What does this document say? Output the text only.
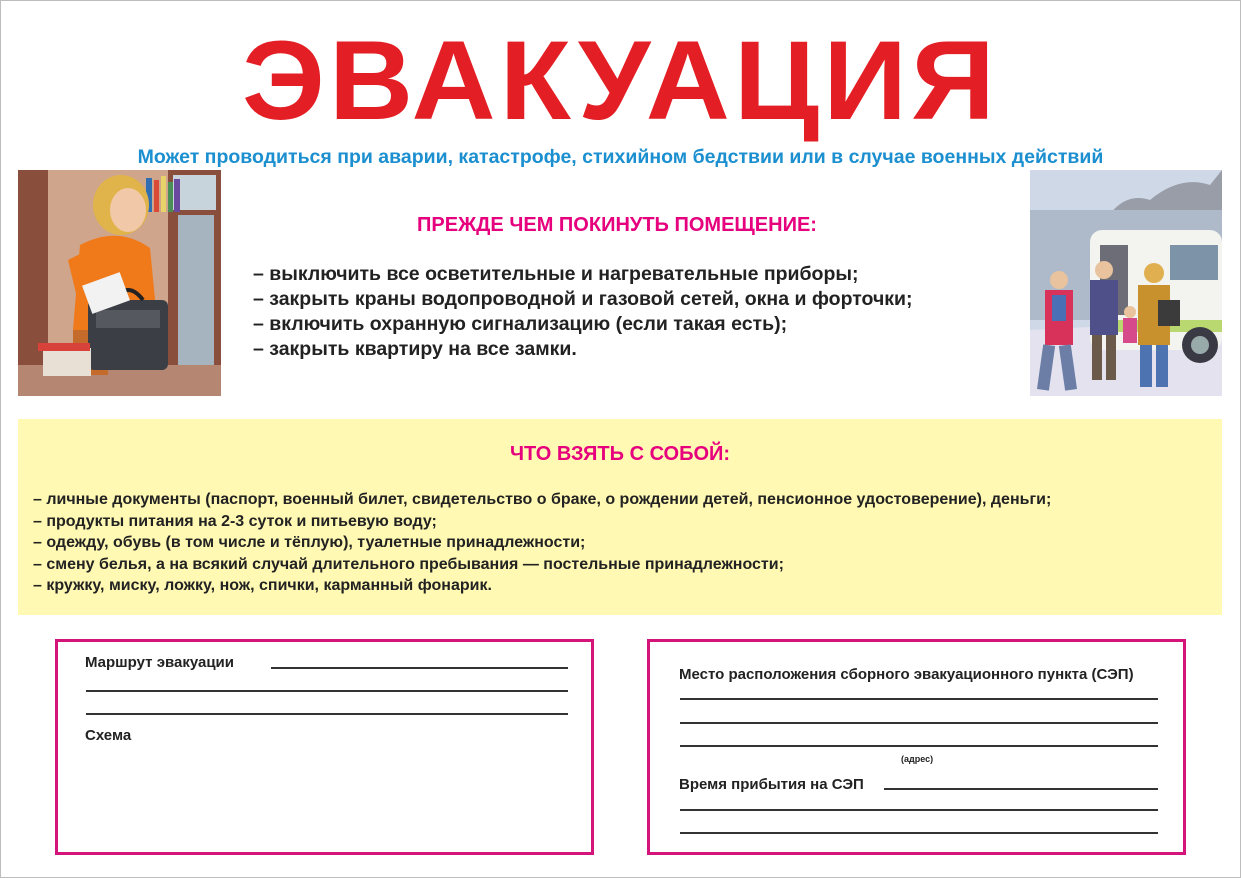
ЭВАКУАЦИЯ
Может проводиться при аварии, катастрофе, стихийном бедствии или в случае военных действий
ПРЕЖДЕ ЧЕМ ПОКИНУТЬ ПОМЕЩЕНИЕ:
– выключить все осветительные и нагревательные приборы;
– закрыть краны водопроводной и газовой сетей, окна и форточки;
– включить охранную сигнализацию (если такая есть);
– закрыть квартиру на все замки.
ЧТО ВЗЯТЬ С СОБОЙ:
– личные документы (паспорт, военный билет, свидетельство о браке, о рождении детей, пенсионное удостоверение), деньги;
– продукты питания на 2-3 суток и питьевую воду;
– одежду, обувь (в том числе и тёплую), туалетные принадлежности;
– смену белья, а на всякий случай длительного пребывания — постельные принадлежности;
– кружку, миску, ложку, нож, спички, карманный фонарик.
Маршрут эвакуации
Схема
Место расположения сборного эвакуационного пункта (СЭП)
(адрес)
Время прибытия на СЭП
